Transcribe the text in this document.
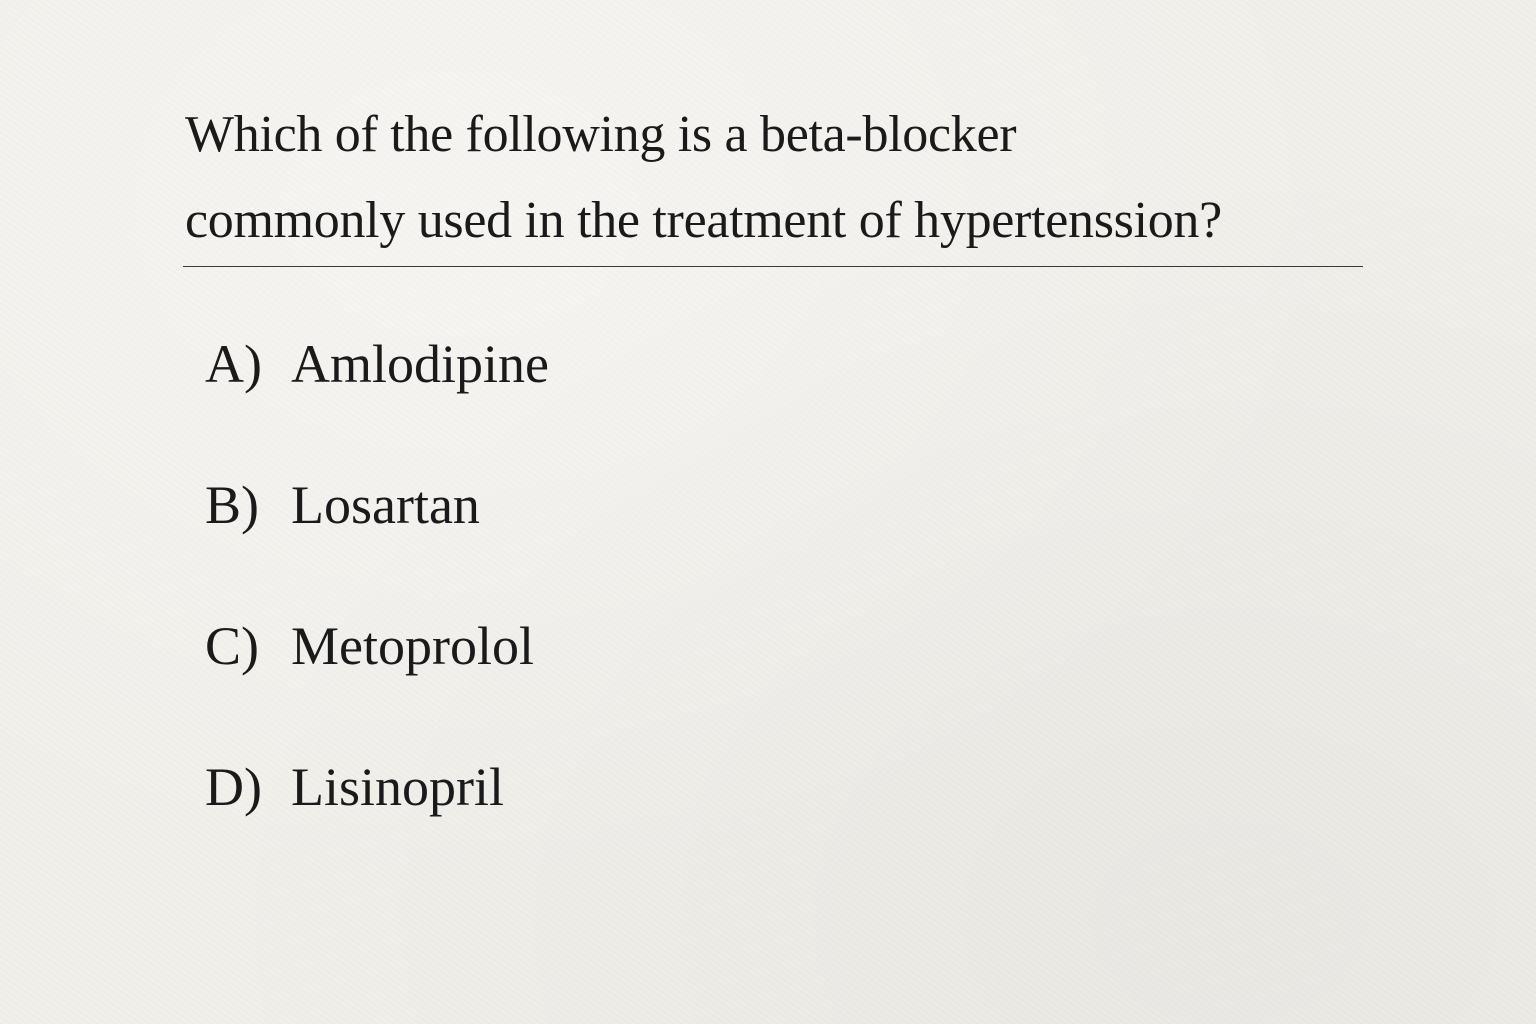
Which of the following is a beta-blocker
commonly used in the treatment of hypertenssion?
A) Amlodipine
B) Losartan
C) Metoprolol
D) Lisinopril
